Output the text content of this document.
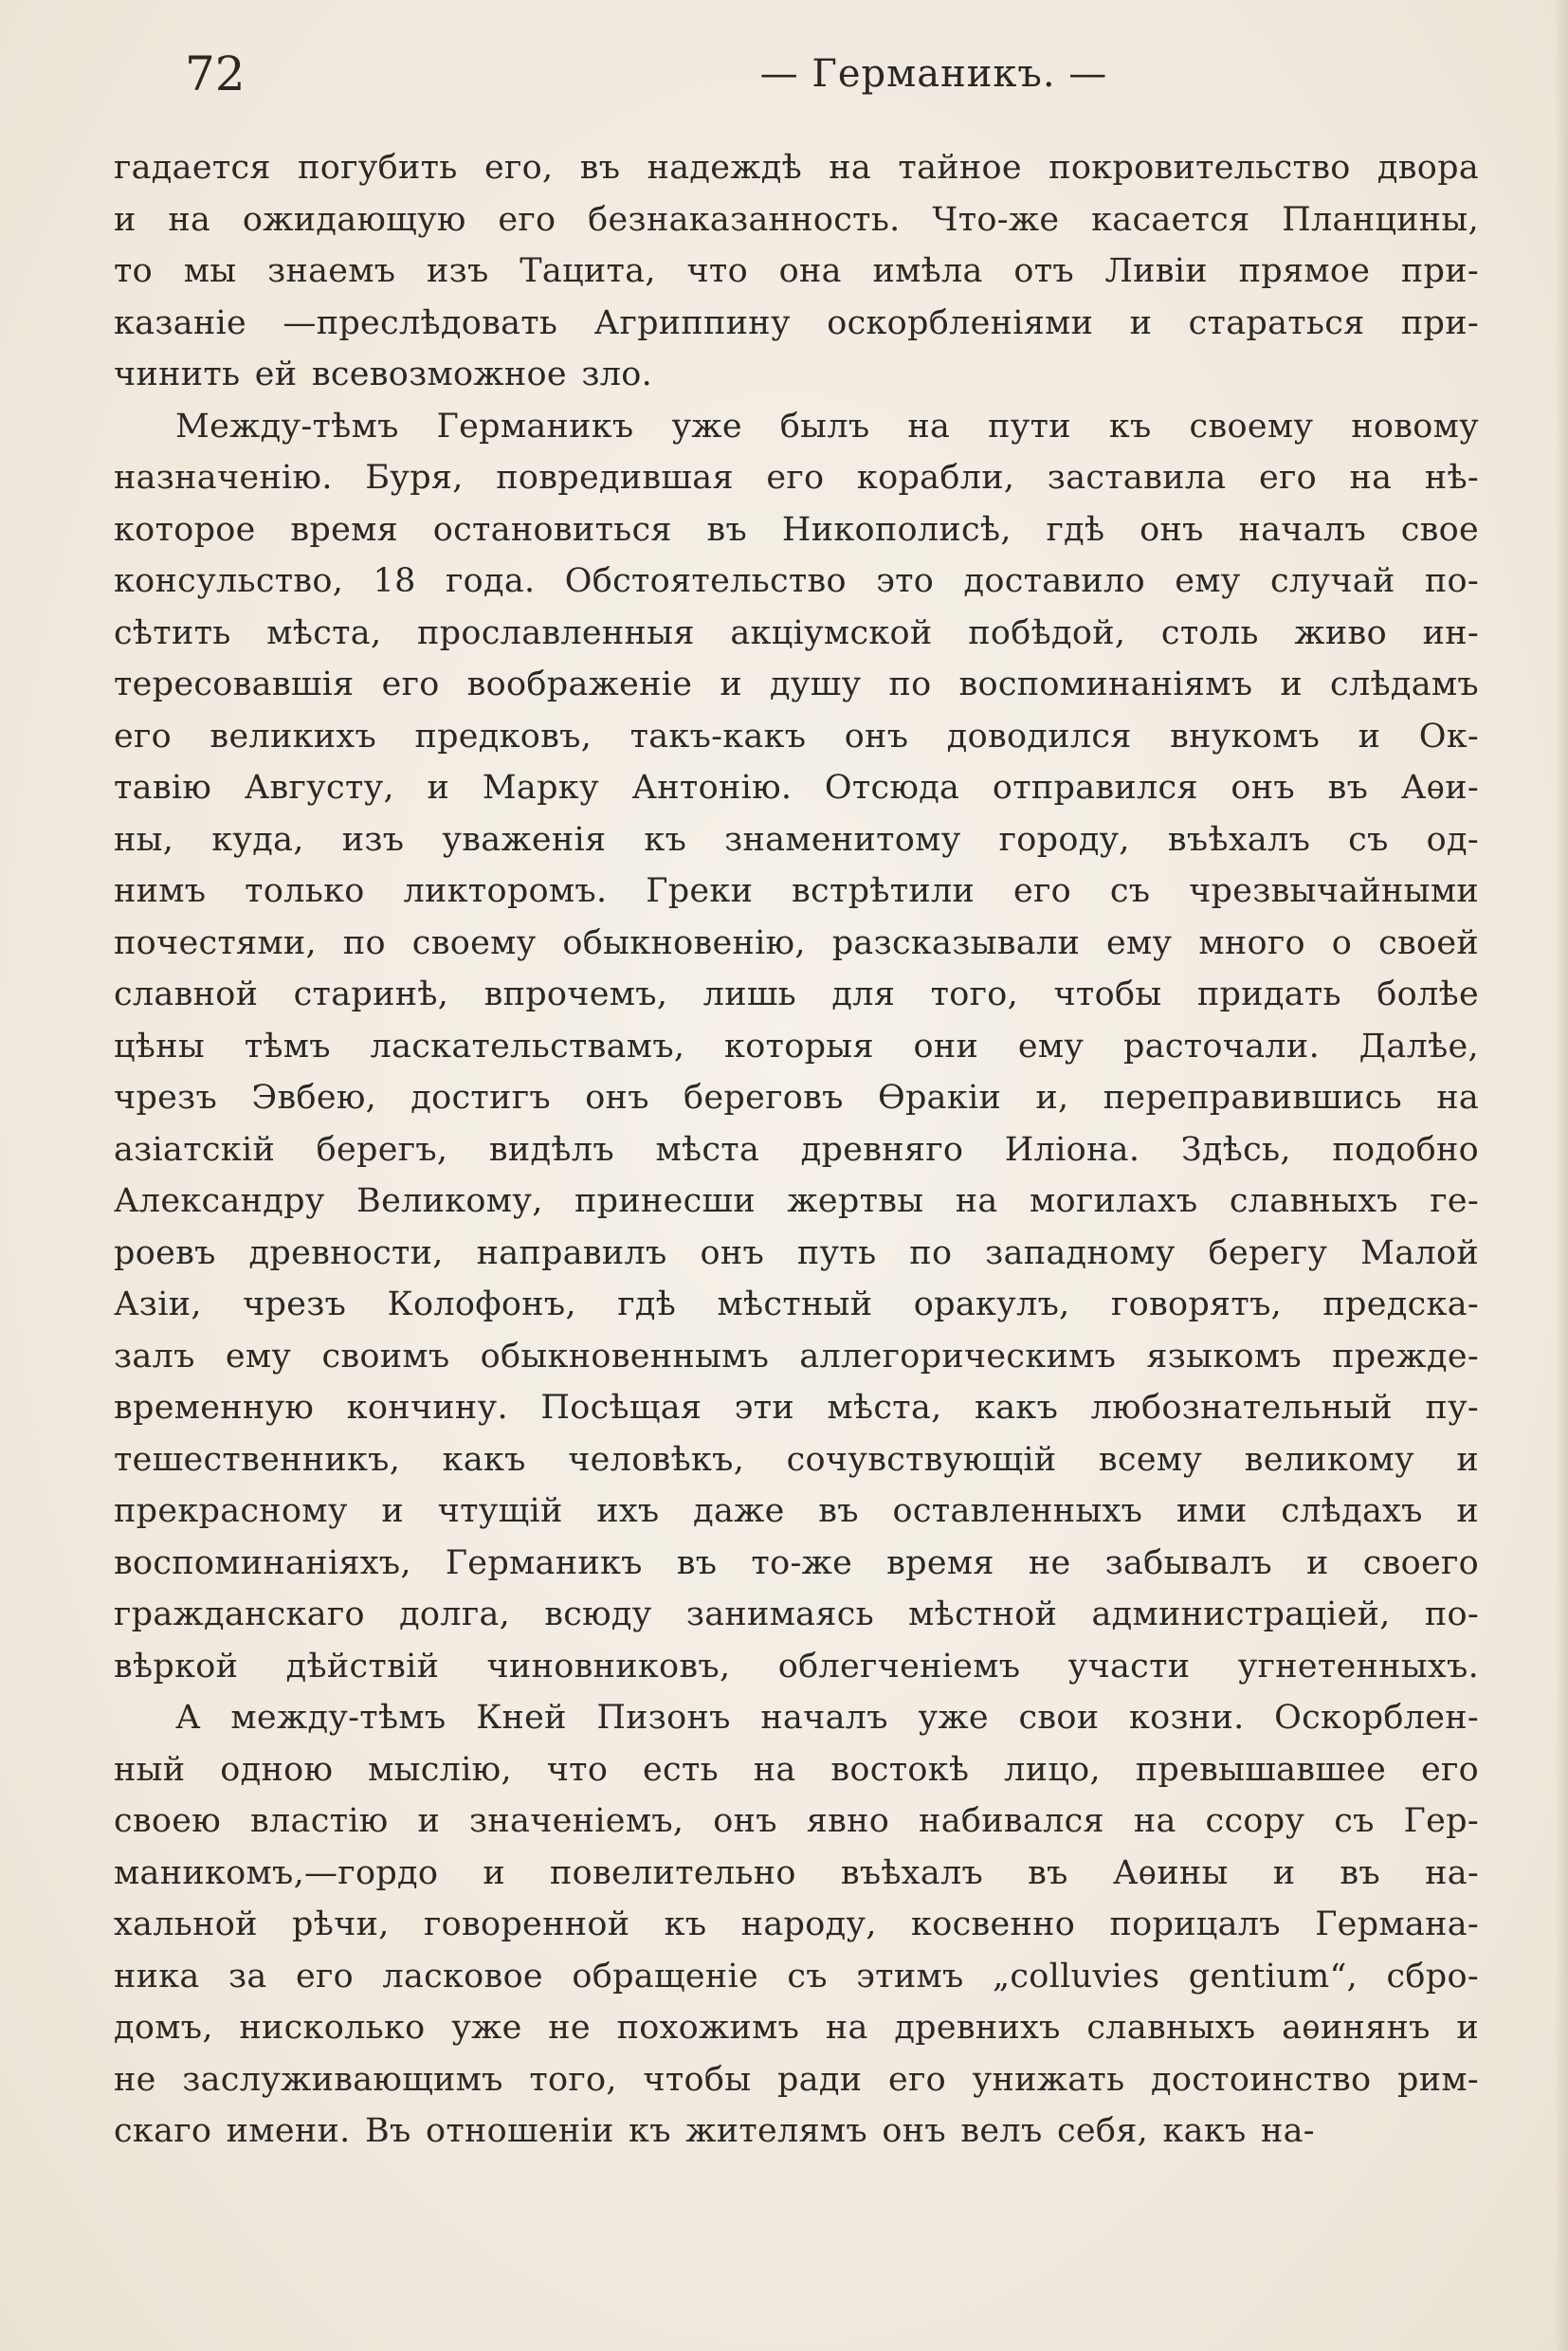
72	— Германикъ. —
гадается погубить его, въ надеждѣ на тайное покровительство двора
и на ожидающую его безнаказанность. Что-же касается Планцины,
то мы знаемъ изъ Тацита, что она имѣла отъ Ливіи прямое при-
казаніе —преслѣдовать Агриппину оскорбленіями и стараться при-
чинить ей всевозможное зло.
Между-тѣмъ Германикъ уже былъ на пути къ своему новому
назначенію. Буря, повредившая его корабли, заставила его на нѣ-
которое время остановиться въ Никополисѣ, гдѣ онъ началъ свое
консульство, 18 года. Обстоятельство это доставило ему случай по-
сѣтить мѣста, прославленныя акціумской побѣдой, столь живо ин-
тересовавшія его воображеніе и душу по воспоминаніямъ и слѣдамъ
его великихъ предковъ, такъ-какъ онъ доводился внукомъ и Ок-
тавію Августу, и Марку Антонію. Отсюда отправился онъ въ Аѳи-
ны, куда, изъ уваженія къ знаменитому городу, въѣхалъ съ од-
нимъ только ликторомъ. Греки встрѣтили его съ чрезвычайными
почестями, по своему обыкновенію, разсказывали ему много о своей
славной старинѣ, впрочемъ, лишь для того, чтобы придать болѣе
цѣны тѣмъ ласкательствамъ, которыя они ему расточали. Далѣе,
чрезъ Эвбею, достигъ онъ береговъ Ѳракіи и, переправившись на
азіатскій берегъ, видѣлъ мѣста древняго Иліона. Здѣсь, подобно
Александру Великому, принесши жертвы на могилахъ славныхъ ге-
роевъ древности, направилъ онъ путь по западному берегу Малой
Азіи, чрезъ Колофонъ, гдѣ мѣстный оракулъ, говорятъ, предска-
залъ ему своимъ обыкновеннымъ аллегорическимъ языкомъ прежде-
временную кончину. Посѣщая эти мѣста, какъ любознательный пу-
тешественникъ, какъ человѣкъ, сочувствующій всему великому и
прекрасному и чтущій ихъ даже въ оставленныхъ ими слѣдахъ и
воспоминаніяхъ, Германикъ въ то-же время не забывалъ и своего
гражданскаго долга, всюду занимаясь мѣстной администраціей, по-
вѣркой дѣйствій чиновниковъ, облегченіемъ участи угнетенныхъ.
А между-тѣмъ Кней Пизонъ началъ уже свои козни. Оскорблен-
ный одною мыслію, что есть на востокѣ лицо, превышавшее его
своею властію и значеніемъ, онъ явно набивался на ссору съ Гер-
маникомъ,—гордо и повелительно въѣхалъ въ Аѳины и въ на-
хальной рѣчи, говоренной къ народу, косвенно порицалъ Германа-
ника за его ласковое обращеніе съ этимъ „colluvies gentium“, сбро-
домъ, нисколько уже не похожимъ на древнихъ славныхъ аѳинянъ и
не заслуживающимъ того, чтобы ради его унижать достоинство рим-
скаго имени. Въ отношеніи къ жителямъ онъ велъ себя, какъ на-
